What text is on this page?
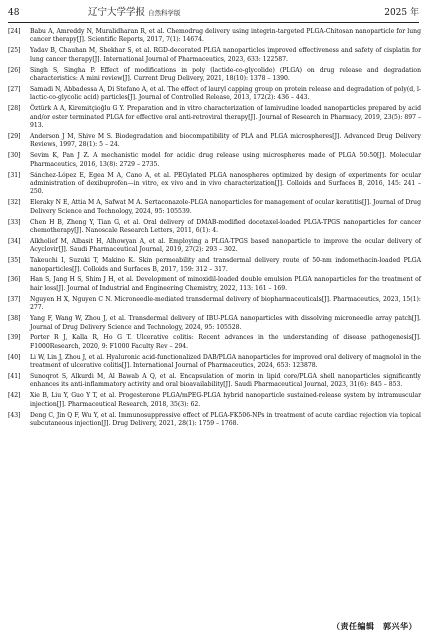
48	辽宁大学学报 自然科学版	2025 年
[24]	Babu A, Amreddy N, Muralidharan R, et al. Chemodrug delivery using integrin-targeted PLGA-Chitosan nanoparticle for lung cancer therapy[J]. Scientific Reports, 2017, 7(1): 14674.
[25]	Yadav B, Chauhan M, Shekhar S, et al. RGD-decorated PLGA nanoparticles improved effectiveness and safety of cisplatin for lung cancer therapy[J]. International Journal of Pharmaceutics, 2023, 633: 122587.
[26]	Singh S, Singha P. Effect of modifications in poly (lactide-co-glycolide) (PLGA) on drug release and degradation characteristics: A mini review[J]. Current Drug Delivery, 2021, 18(10): 1378 – 1390.
[27]	Samadi N, Abbadessa A, Di Stefano A, et al. The effect of lauryl capping group on protein release and degradation of poly(d, l-lactic-co-glycolic acid) particles[J]. Journal of Controlled Release, 2013, 172(2): 436 – 443.
[28]	Öztürk A A, Kiremitçioğlu G Y. Preparation and in vitro characterization of lamivudine loaded nanoparticles prepared by acid and/or ester terminated PLGA for effective oral anti-retroviral therapy[J]. Journal of Research in Pharmacy, 2019, 23(5): 897 – 913.
[29]	Anderson J M, Shive M S. Biodegradation and biocompatibility of PLA and PLGA microspheres[J]. Advanced Drug Delivery Reviews, 1997, 28(1): 5 – 24.
[30]	Sevim K, Pan J Z. A mechanistic model for acidic drug release using microspheres made of PLGA 50:50[J]. Molecular Pharmaceutics, 2016, 13(8): 2729 – 2735.
[31]	Sánchez-López E, Egea M A, Cano A, et al. PEGylated PLGA nanospheres optimized by design of experiments for ocular administration of dexibuprofen—in vitro, ex vivo and in vivo characterization[J]. Colloids and Surfaces B, 2016, 145: 241 – 250.
[32]	Eleraky N E, Attia M A, Safwat M A. Sertaconazole-PLGA nanoparticles for management of ocular keratitis[J]. Journal of Drug Delivery Science and Technology, 2024, 95: 105539.
[33]	Chen H B, Zheng Y, Tian G, et al. Oral delivery of DMAB-modified docetaxel-loaded PLGA-TPGS nanoparticles for cancer chemotherapy[J]. Nanoscale Research Letters, 2011, 6(1): 4.
[34]	Alkholief M, Albasit H, Alhowyan A, et al. Employing a PLGA-TPGS based nanoparticle to improve the ocular delivery of Acyclovir[J]. Saudi Pharmaceutical Journal, 2019, 27(2): 293 – 302.
[35]	Takeuchi I, Suzuki T, Makino K. Skin permeability and transdermal delivery route of 50-nm indomethacin-loaded PLGA nanoparticles[J]. Colloids and Surfaces B, 2017, 159: 312 – 317.
[36]	Han S, Jang H S, Shim J H, et al. Development of minoxidil-loaded double emulsion PLGA nanoparticles for the treatment of hair loss[J]. Journal of Industrial and Engineering Chemistry, 2022, 113: 161 – 169.
[37]	Nguyen H X, Nguyen C N. Microneedle-mediated transdermal delivery of biopharmaceuticals[J]. Pharmaceutics, 2023, 15(1): 277.
[38]	Yang F, Wang W, Zhou J, et al. Transdermal delivery of IBU-PLGA nanoparticles with dissolving microneedle array patch[J]. Journal of Drug Delivery Science and Technology, 2024, 95: 105528.
[39]	Porter R J, Kalla R, Ho G T. Ulcerative colitis: Recent advances in the understanding of disease pathogenesis[J]. F1000Research, 2020, 9: F1000 Faculty Rev – 294.
[40]	Li W, Lin J, Zhou J, et al. Hyaluronic acid-functionalized DAB/PLGA nanoparticles for improved oral delivery of magnolol in the treatment of ulcerative colitis[J]. International Journal of Pharmaceutics, 2024, 653: 123878.
[41]	Sunoqrot S, Alkurdi M, Al Bawab A Q, et al. Encapsulation of morin in lipid core/PLGA shell nanoparticles significantly enhances its anti-inflammatory activity and oral bioavailability[J]. Saudi Pharmaceutical Journal, 2023, 31(6): 845 – 853.
[42]	Xie B, Liu Y, Guo Y T, et al. Progesterone PLGA/mPEG-PLGA hybrid nanoparticle sustained-release system by intramuscular injection[J]. Pharmaceutical Research, 2018, 35(3): 62.
[43]	Deng C, Jin Q F, Wu Y, et al. Immunosuppressive effect of PLGA-FK506-NPs in treatment of acute cardiac rejection via topical subcutaneous injection[J]. Drug Delivery, 2021, 28(1): 1759 – 1768.
（责任编辑　郭兴华）
